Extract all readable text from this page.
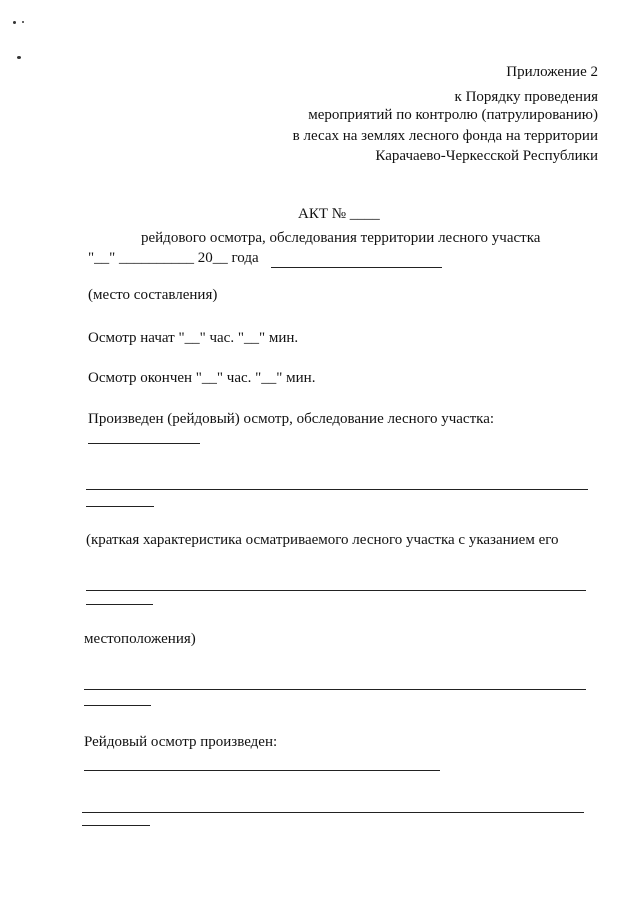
Приложение 2
к Порядку проведения
мероприятий по контролю (патрулированию)
в лесах на землях лесного фонда на территории
Карачаево-Черкесской Республики
АКТ № ____
рейдового осмотра, обследования территории лесного участка
"__" __________ 20__ года
(место составления)
Осмотр начат "__" час. "__" мин.
Осмотр окончен "__" час. "__" мин.
Произведен (рейдовый) осмотр, обследование лесного участка:
(краткая характеристика осматриваемого лесного участка с указанием его
местоположения)
Рейдовый осмотр произведен:
